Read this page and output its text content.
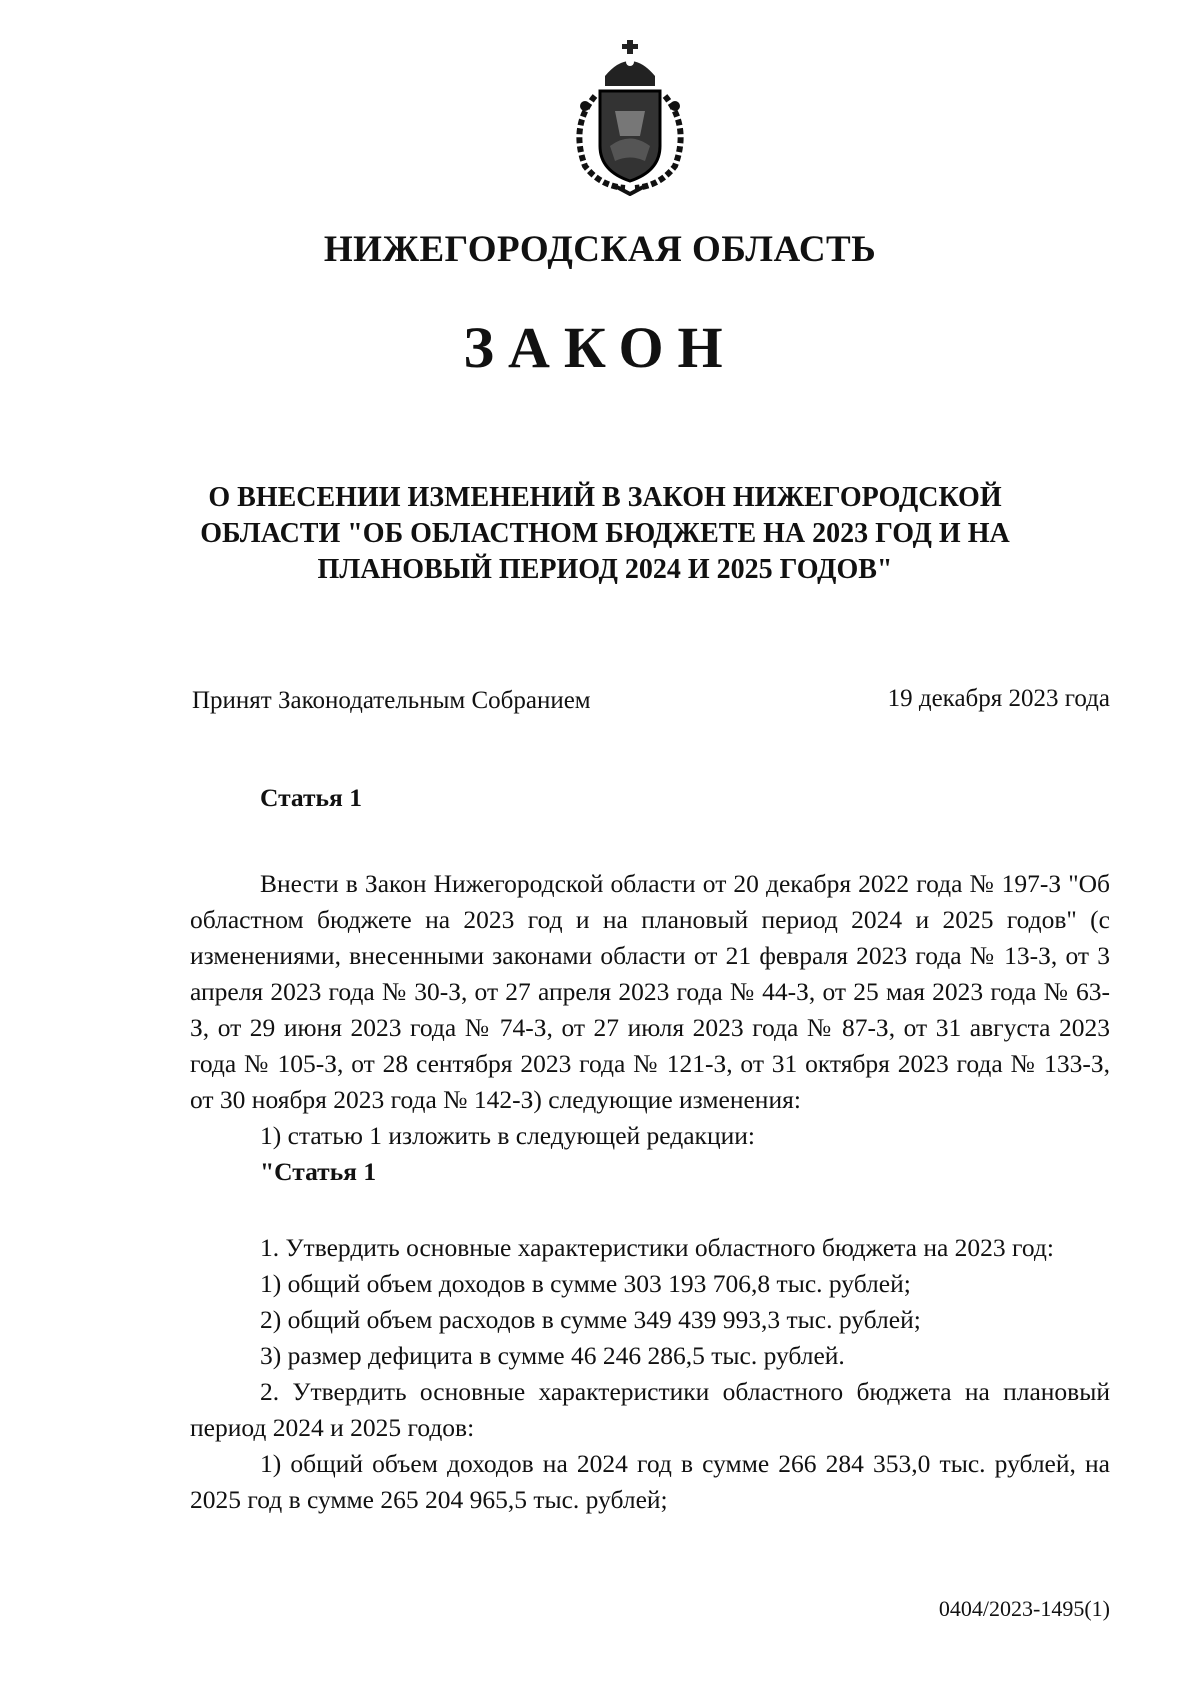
НИЖЕГОРОДСКАЯ ОБЛАСТЬ
ЗАКОН
О ВНЕСЕНИИ ИЗМЕНЕНИЙ В ЗАКОН НИЖЕГОРОДСКОЙ
ОБЛАСТИ "ОБ ОБЛАСТНОМ БЮДЖЕТЕ НА 2023 ГОД И НА
ПЛАНОВЫЙ ПЕРИОД 2024 И 2025 ГОДОВ"
Принят Законодательным Собранием	19 декабря 2023 года

Статья 1

Внести в Закон Нижегородской области от 20 декабря 2022 года № 197-З "Об областном бюджете на 2023 год и на плановый период 2024 и 2025 годов" (с изменениями, внесенными законами области от 21 февраля 2023 года № 13-З, от 3 апреля 2023 года № 30-З, от 27 апреля 2023 года № 44-З, от 25 мая 2023 года № 63-З, от 29 июня 2023 года № 74-З, от 27 июля 2023 года № 87-З, от 31 августа 2023 года № 105-З, от 28 сентября 2023 года № 121-З, от 31 октября 2023 года № 133-З, от 30 ноября 2023 года № 142-З) следующие изменения:

1) статью 1 изложить в следующей редакции:

"Статья 1

1. Утвердить основные характеристики областного бюджета на 2023 год:

1) общий объем доходов в сумме 303 193 706,8 тыс. рублей;

2) общий объем расходов в сумме 349 439 993,3 тыс. рублей;

3) размер дефицита в сумме 46 246 286,5 тыс. рублей.

2. Утвердить основные характеристики областного бюджета на плановый период 2024 и 2025 годов:

1) общий объем доходов на 2024 год в сумме 266 284 353,0 тыс. рублей, на 2025 год в сумме 265 204 965,5 тыс. рублей;

0404/2023-1495(1)
